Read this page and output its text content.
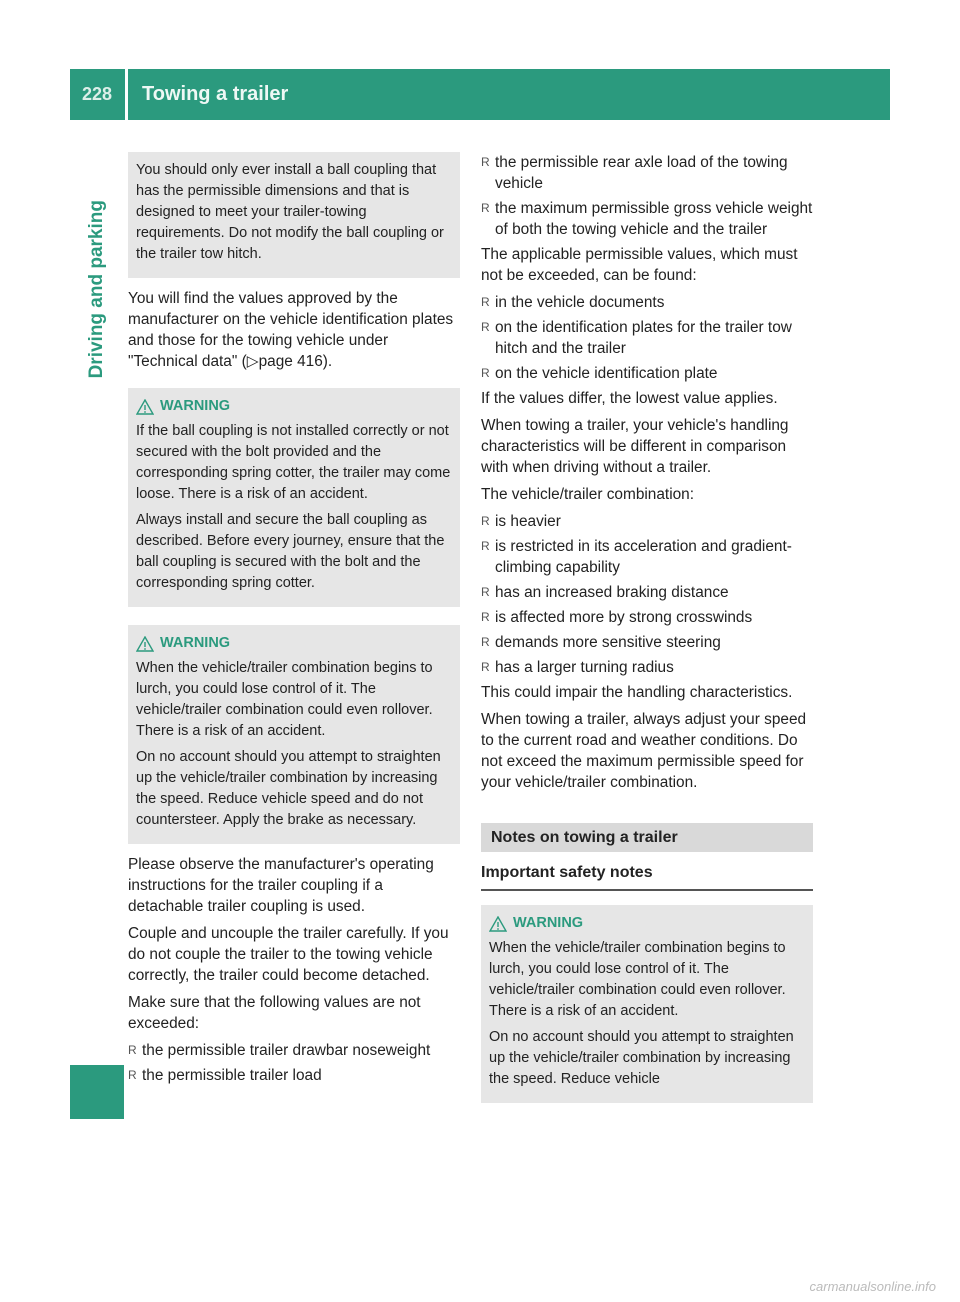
228	Towing a trailer
Driving and parking

You should only ever install a ball coupling that has the permissible dimensions and that is designed to meet your trailer-towing requirements. Do not modify the ball coupling or the trailer tow hitch.

You will find the values approved by the manufacturer on the vehicle identification plates and those for the towing vehicle under "Technical data" (▷page 416).

WARNING

If the ball coupling is not installed correctly or not secured with the bolt provided and the corresponding spring cotter, the trailer may come loose. There is a risk of an accident.

Always install and secure the ball coupling as described. Before every journey, ensure that the ball coupling is secured with the bolt and the corresponding spring cotter.

WARNING

When the vehicle/trailer combination begins to lurch, you could lose control of it. The vehicle/trailer combination could even rollover. There is a risk of an accident.

On no account should you attempt to straighten up the vehicle/trailer combination by increasing the speed. Reduce vehicle speed and do not countersteer. Apply the brake as necessary.

Please observe the manufacturer's operating instructions for the trailer coupling if a detachable trailer coupling is used.

Couple and uncouple the trailer carefully. If you do not couple the trailer to the towing vehicle correctly, the trailer could become detached.

Make sure that the following values are not exceeded:

R the permissible trailer drawbar noseweight
R the permissible trailer load
R the permissible rear axle load of the towing vehicle
R the maximum permissible gross vehicle weight of both the towing vehicle and the trailer

The applicable permissible values, which must not be exceeded, can be found:

R in the vehicle documents
R on the identification plates for the trailer tow hitch and the trailer
R on the vehicle identification plate

If the values differ, the lowest value applies.

When towing a trailer, your vehicle's handling characteristics will be different in comparison with when driving without a trailer.

The vehicle/trailer combination:

R is heavier
R is restricted in its acceleration and gradient-climbing capability
R has an increased braking distance
R is affected more by strong crosswinds
R demands more sensitive steering
R has a larger turning radius

This could impair the handling characteristics.

When towing a trailer, always adjust your speed to the current road and weather conditions. Do not exceed the maximum permissible speed for your vehicle/trailer combination.

Notes on towing a trailer
Important safety notes
WARNING

When the vehicle/trailer combination begins to lurch, you could lose control of it. The vehicle/trailer combination could even rollover. There is a risk of an accident.

On no account should you attempt to straighten up the vehicle/trailer combination by increasing the speed. Reduce vehicle

carmanualsonline.info
